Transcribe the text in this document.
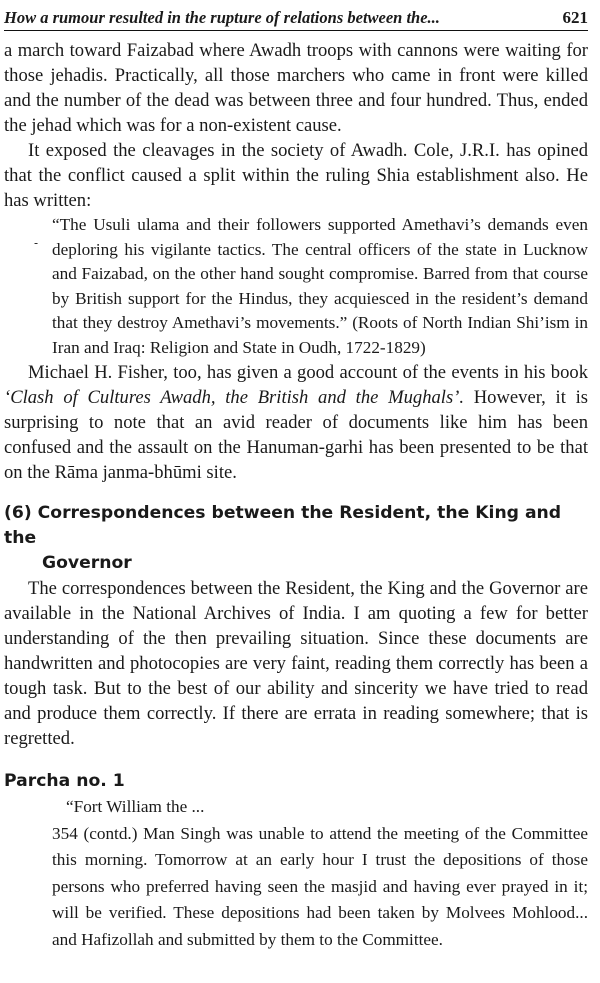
How a rumour resulted in the rupture of relations between the...	621
-

a march toward Faizabad where Awadh troops with cannons were waiting for those jehadis. Practically, all those marchers who came in front were killed and the number of the dead was between three and four hundred. Thus, ended the jehad which was for a non-existent cause.

It exposed the cleavages in the society of Awadh. Cole, J.R.I. has opined that the conflict caused a split within the ruling Shia establishment also. He has written:

“The Usuli ulama and their followers supported Amethavi’s demands even deploring his vigilante tactics. The central officers of the state in Lucknow and Faizabad, on the other hand sought compromise. Barred from that course by British support for the Hindus, they acquiesced in the resident’s demand that they destroy Amethavi’s movements.” (Roots of North Indian Shi’ism in Iran and Iraq: Religion and State in Oudh, 1722-1829)

Michael H. Fisher, too, has given a good account of the events in his book ‘Clash of Cultures Awadh, the British and the Mughals’. However, it is surprising to note that an avid reader of documents like him has been confused and the assault on the Hanuman-garhi has been presented to be that on the Rāma janma-bhūmi site.

(6) Correspondences between the Resident, the King and the
Governor

The correspondences between the Resident, the King and the Governor are available in the National Archives of India. I am quoting a few for better understanding of the then prevailing situation. Since these documents are handwritten and photocopies are very faint, reading them correctly has been a tough task. But to the best of our ability and sincerity we have tried to read and produce them correctly. If there are errata in reading somewhere; that is regretted.

Parcha no. 1

“Fort William the ...

354 (contd.) Man Singh was unable to attend the meeting of the Committee this morning. Tomorrow at an early hour I trust the depositions of those persons who preferred having seen the masjid and having ever prayed in it; will be verified. These depositions had been taken by Molvees Mohlood... and Hafizollah and submitted by them to the Committee.
